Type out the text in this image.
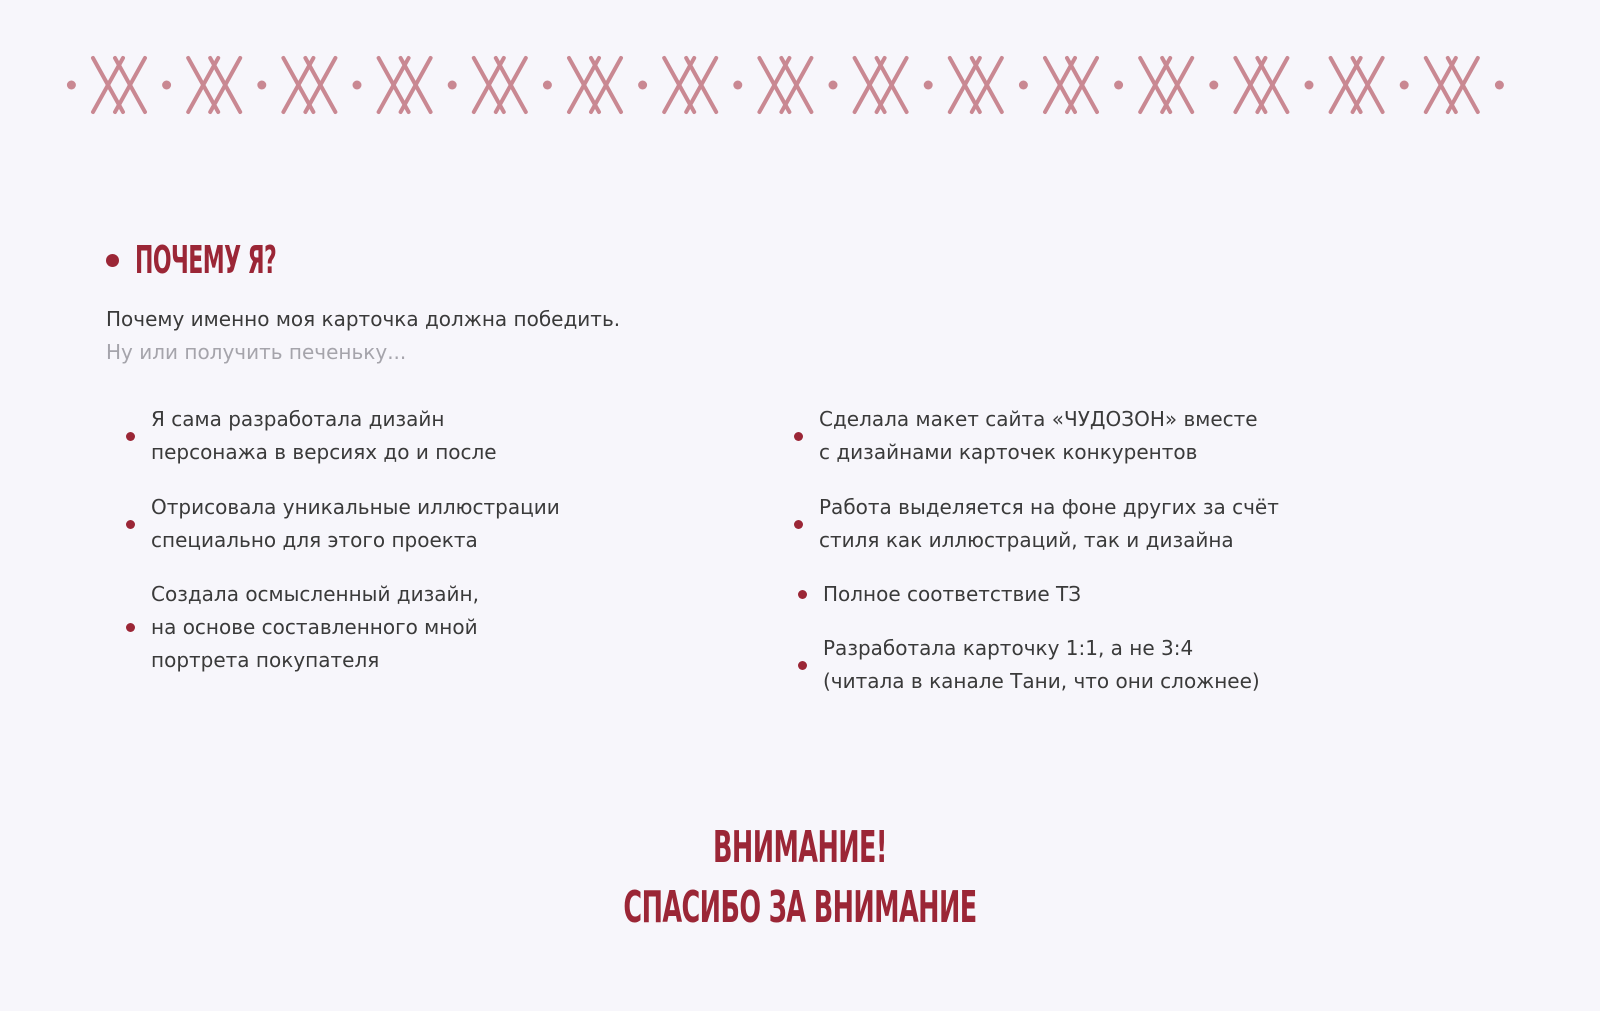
ПОЧЕМУ Я?
Почему именно моя карточка должна победить. Ну или получить печеньку...
Я сама разработала дизайн
персонажа в версиях до и после
Отрисовала уникальные иллюстрации
специально для этого проекта
Создала осмысленный дизайн,
на основе составленного мной
портрета покупателя
Сделала макет сайта «ЧУДОЗОН» вместе
с дизайнами карточек конкурентов
Работа выделяется на фоне других за счёт
стиля как иллюстраций, так и дизайна
Полное соответствие ТЗ
Разработала карточку 1:1, а не 3:4
(читала в канале Тани, что они сложнее)
ВНИМАНИЕ!
СПАСИБО ЗА ВНИМАНИЕ
